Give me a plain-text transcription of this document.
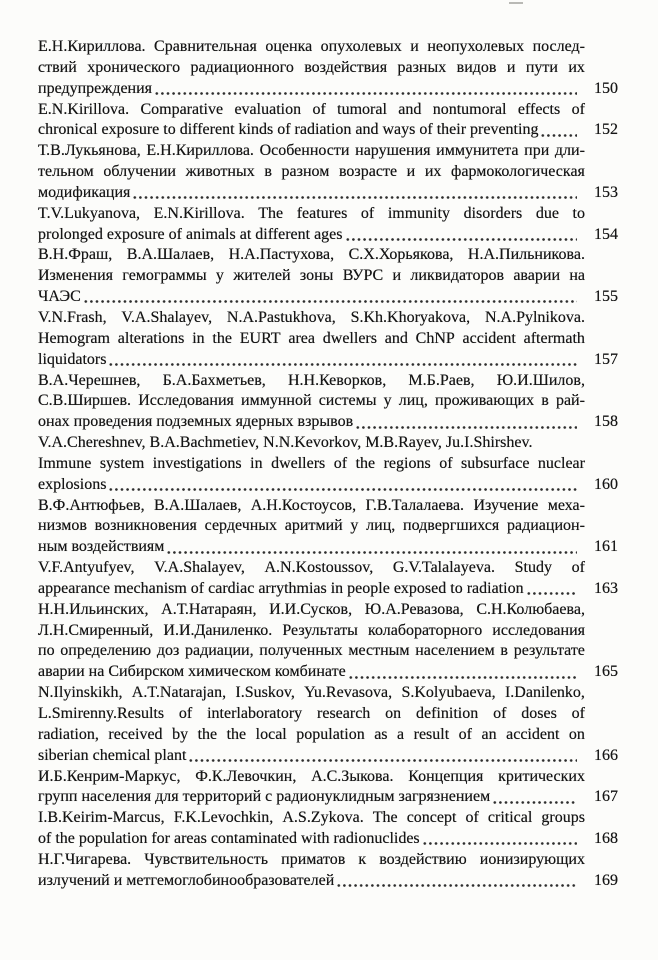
Е.Н.Кириллова. Сравнительная оценка опухолевых и неопухолевых послед-
ствий хронического радиационного воздействия разных видов и пути их
предупреждения	150
E.N.Kirillova. Comparative evaluation of tumoral and nontumoral effects of
chronical exposure to different kinds of radiation and ways of their preventing	152
Т.В.Лукьянова, Е.Н.Кириллова. Особенности нарушения иммунитета при дли-
тельном облучении животных в разном возрасте и их фармокологическая
модификация	153
T.V.Lukyanova, E.N.Kirillova. The features of immunity disorders due to
prolonged exposure of animals at different ages	154
В.Н.Фраш, В.А.Шалаев, Н.А.Пастухова, С.Х.Хорьякова, Н.А.Пильникова.
Изменения гемограммы у жителей зоны ВУРС и ликвидаторов аварии на
ЧАЭС	155
V.N.Frash, V.A.Shalayev, N.A.Pastukhova, S.Kh.Khoryakova, N.A.Pylnikova.
Hemogram alterations in the EURT area dwellers and ChNP accident aftermath
liquidators	157
В.А.Черешнев, Б.А.Бахметьев, Н.Н.Кеворков, М.Б.Раев, Ю.И.Шилов,
С.В.Ширшев. Исследования иммунной системы у лиц, проживающих в рай-
онах проведения подземных ядерных взрывов	158
V.A.Chereshnev, B.A.Bachmetiev, N.N.Kevorkov, M.B.Rayev, Ju.I.Shirshev.
Immune system investigations in dwellers of the regions of subsurface nuclear
explosions	160
В.Ф.Антюфьев, В.А.Шалаев, А.Н.Костоусов, Г.В.Талалаева. Изучение меха-
низмов возникновения сердечных аритмий у лиц, подвергшихся радиацион-
ным воздействиям	161
V.F.Antyufyev, V.A.Shalayev, A.N.Kostoussov, G.V.Talalayeva. Study of
appearance mechanism of cardiac arrythmias in people exposed to radiation	163
Н.Н.Ильинских, А.Т.Натараян, И.И.Сусков, Ю.А.Ревазова, С.Н.Колюбаева,
Л.Н.Смиренный, И.И.Даниленко. Результаты колабораторного исследования
по определению доз радиации, полученных местным населением в результате
аварии на Сибирском химическом комбинате	165
N.Ilyinskikh, A.T.Natarajan, I.Suskov, Yu.Revasova, S.Kolyubaeva, I.Danilenko,
L.Smirenny.Results of interlaboratory research on definition of doses of
radiation, received by the the local population as a result of an accident on
siberian chemical plant	166
И.Б.Кенрим-Маркус, Ф.К.Левочкин, А.С.Зыкова. Концепция критических
групп населения для территорий с радионуклидным загрязнением	167
I.B.Keirim-Marcus, F.K.Levochkin, A.S.Zykova. The concept of critical groups
of the population for areas contaminated with radionuclides	168
Н.Г.Чигарева. Чувствительность приматов к воздействию ионизирующих
излучений и метгемоглобинообразователей	169
